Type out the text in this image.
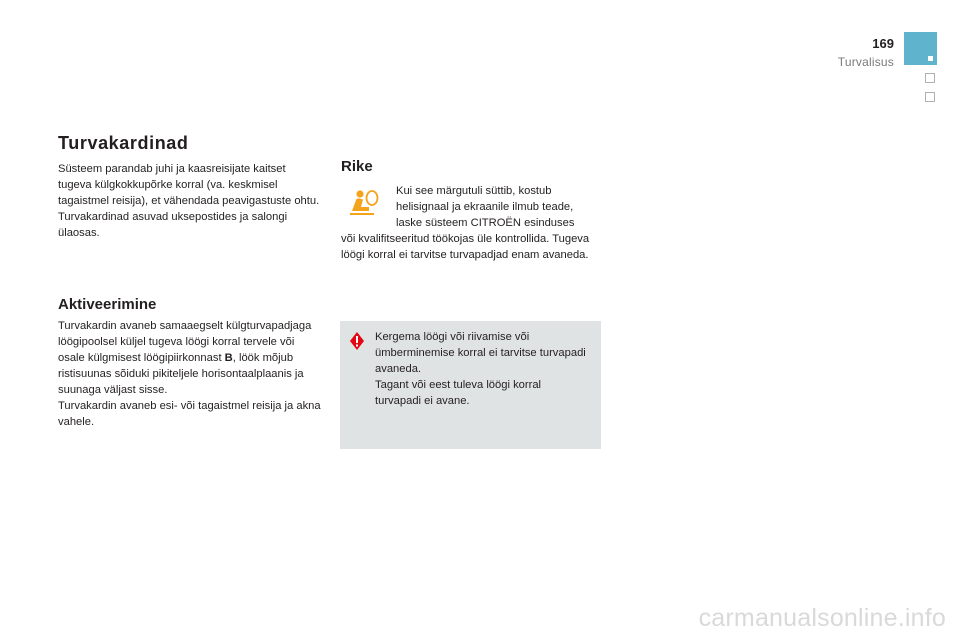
169
Turvalisus
Turvakardinad

Süsteem parandab juhi ja kaasreisijate kaitset tugeva külgkokkupõrke korral (va. keskmisel tagaistmel reisija), et vähendada peavigastuste ohtu.

Turvakardinad asuvad uksepostides ja salongi ülaosas.

Aktiveerimine

Turvakardin avaneb samaaegselt külgturvapadjaga löögipoolsel küljel tugeva löögi korral tervele või osale külgmisest löögipiirkonnast B, löök mõjub ristisuunas sõiduki pikiteljele horisontaalplaanis ja suunaga väljast sisse.

Turvakardin avaneb esi- või tagaistmel reisija ja akna vahele.

Rike
Kui see märgutuli süttib, kostub helisignaal ja ekraanile ilmub teade, laske süsteem CITROËN esinduses
või kvalifitseeritud töökojas üle kontrollida. Tugeva löögi korral ei tarvitse turvapadjad enam avaneda.

Kergema löögi või riivamise või ümberminemise korral ei tarvitse turvapadi avaneda.

Tagant või eest tuleva löögi korral turvapadi ei avane.

carmanualsonline.info
